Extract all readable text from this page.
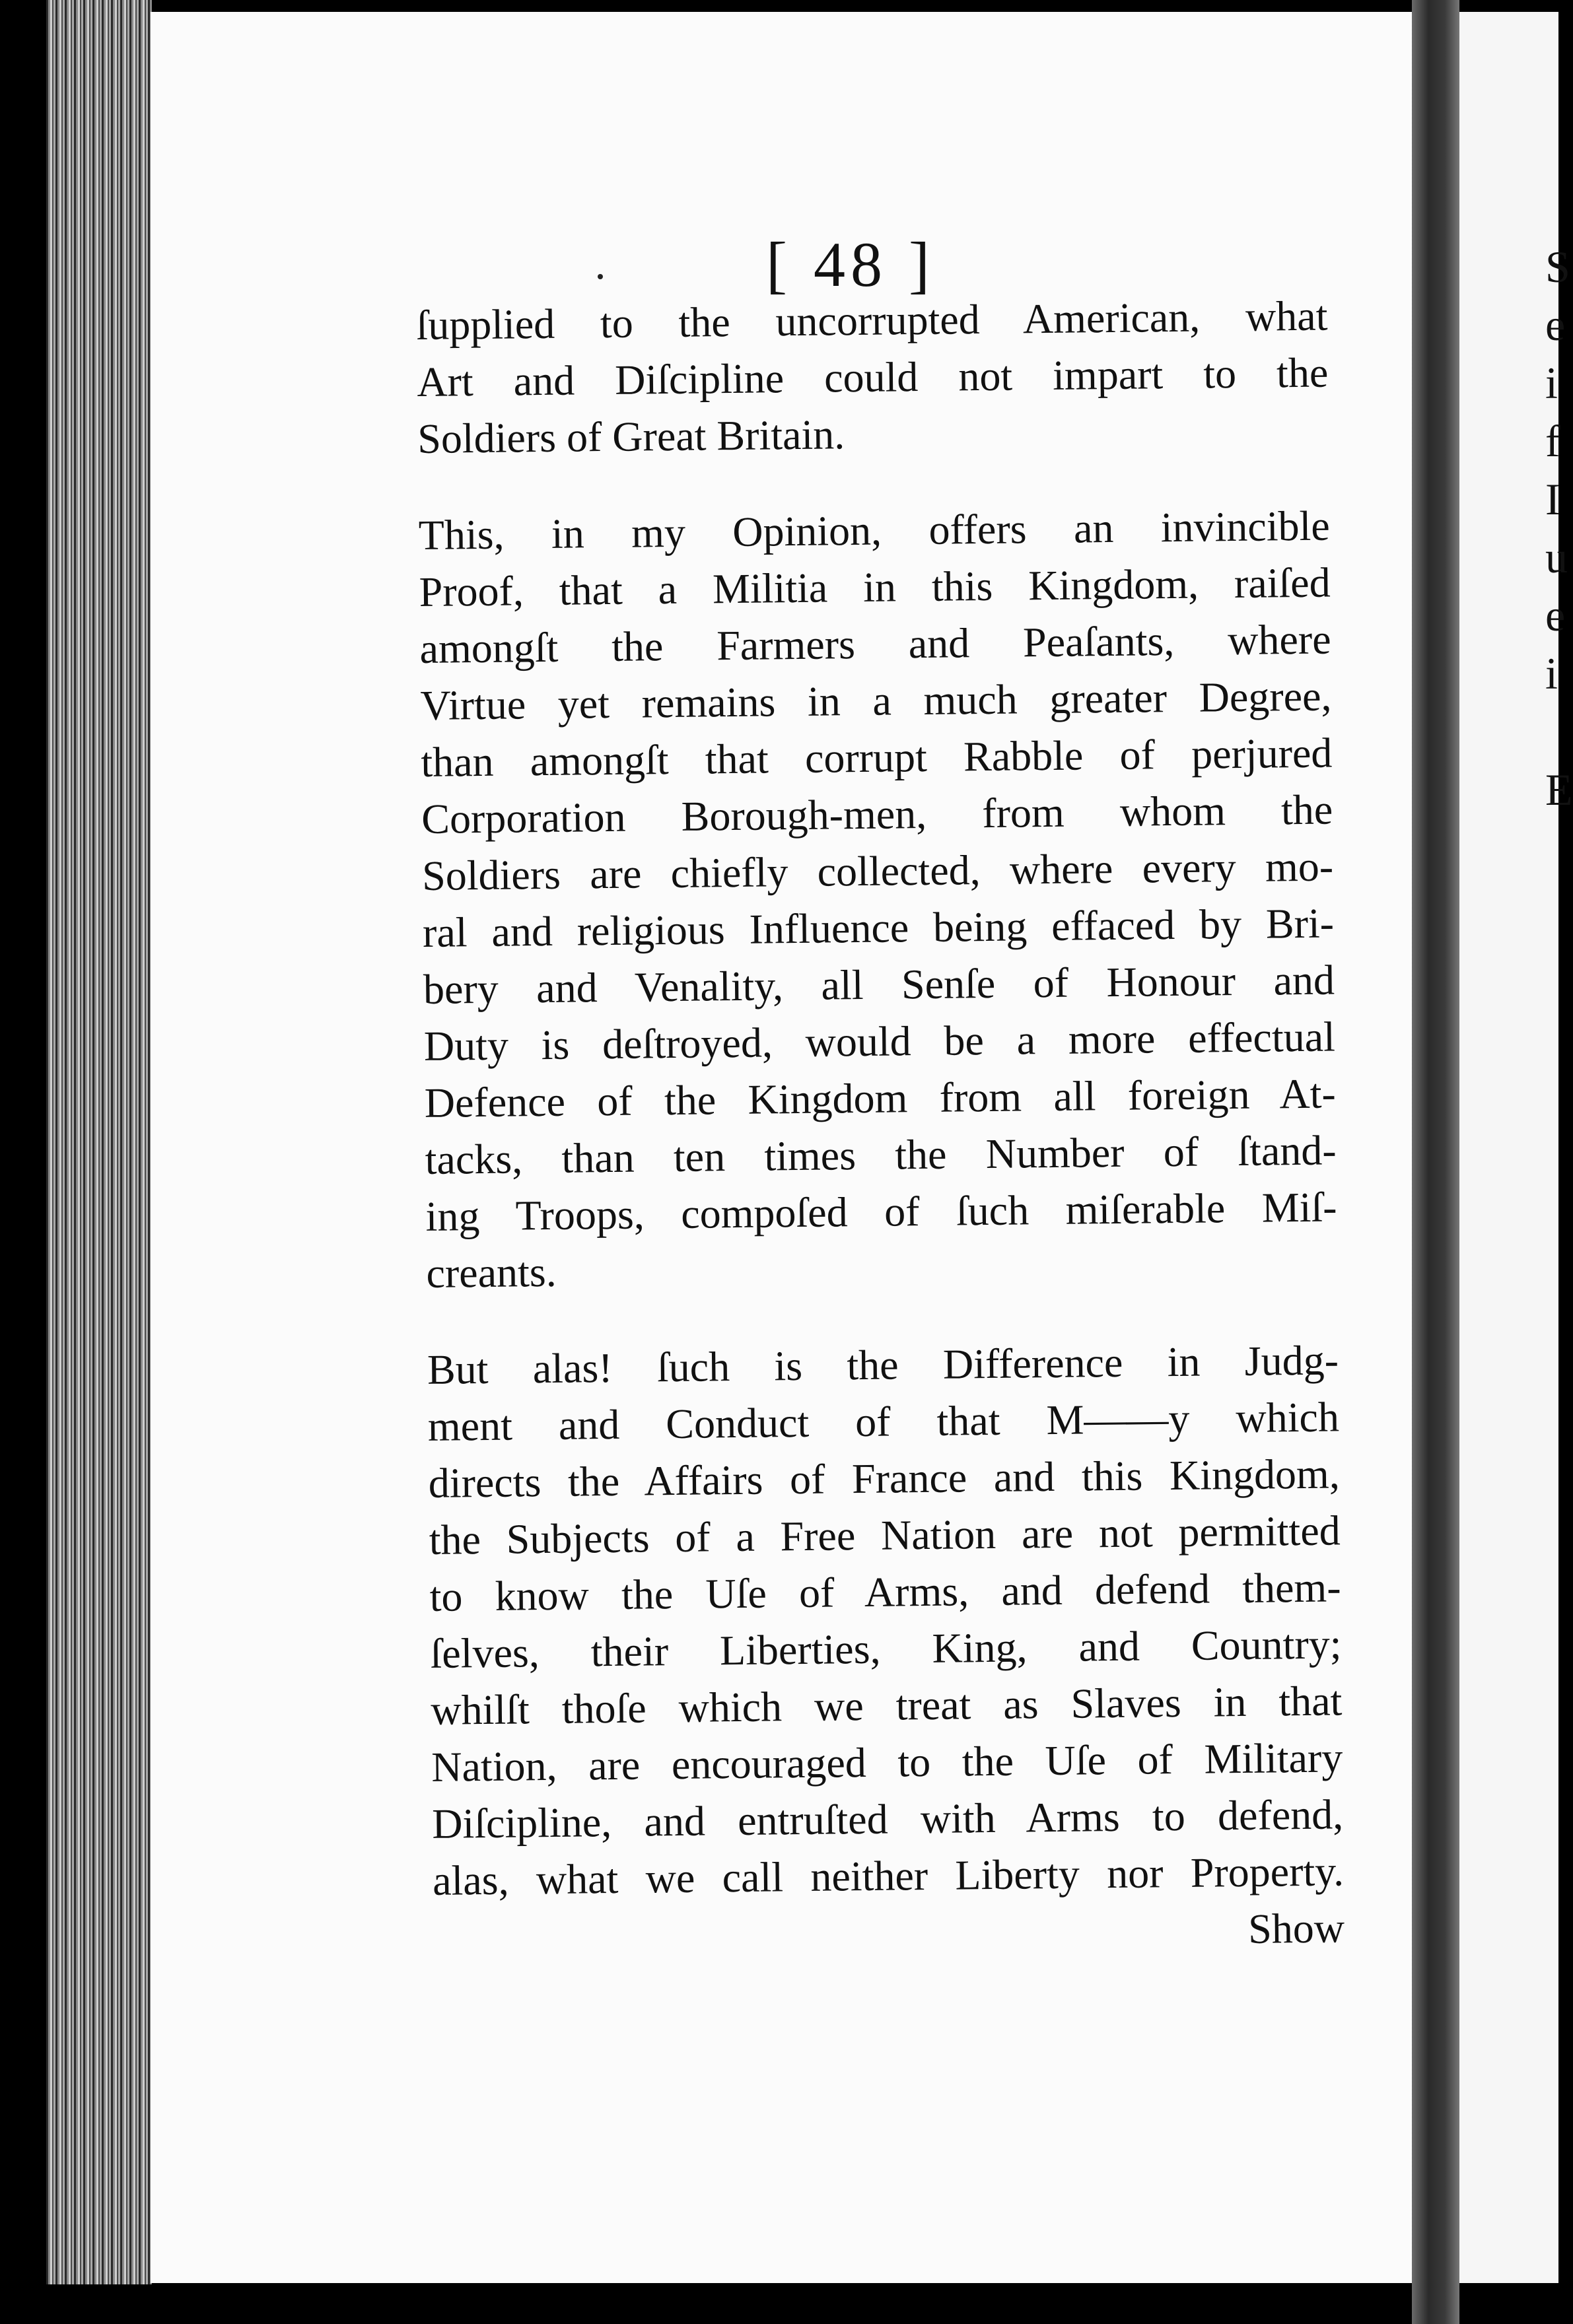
S
e
i
f
I
u
e
i

E
[ 48 ]
ſupplied to the uncorrupted American, what
Art and Diſcipline could not impart to the
Soldiers of Great Britain.
This, in my Opinion, offers an invincible
Proof, that a Militia in this Kingdom, raiſed
amongſt the Farmers and Peaſants, where
Virtue yet remains in a much greater Degree,
than amongſt that corrupt Rabble of perjured
Corporation Borough-men, from whom the
Soldiers are chiefly collected, where every mo-
ral and religious Influence being effaced by Bri-
bery and Venality, all Senſe of Honour and
Duty is deſtroyed, would be a more effectual
Defence of the Kingdom from all foreign At-
tacks, than ten times the Number of ſtand-
ing Troops, compoſed of ſuch miſerable Miſ-
creants.
But alas! ſuch is the Difference in Judg-
ment and Conduct of that M——y which
directs the Affairs of France and this Kingdom,
the Subjects of a Free Nation are not permitted
to know the Uſe of Arms, and defend them-
ſelves, their Liberties, King, and Country;
whilſt thoſe which we treat as Slaves in that
Nation, are encouraged to the Uſe of Military
Diſcipline, and entruſted with Arms to defend,
alas, what we call neither Liberty nor Property.
Show
